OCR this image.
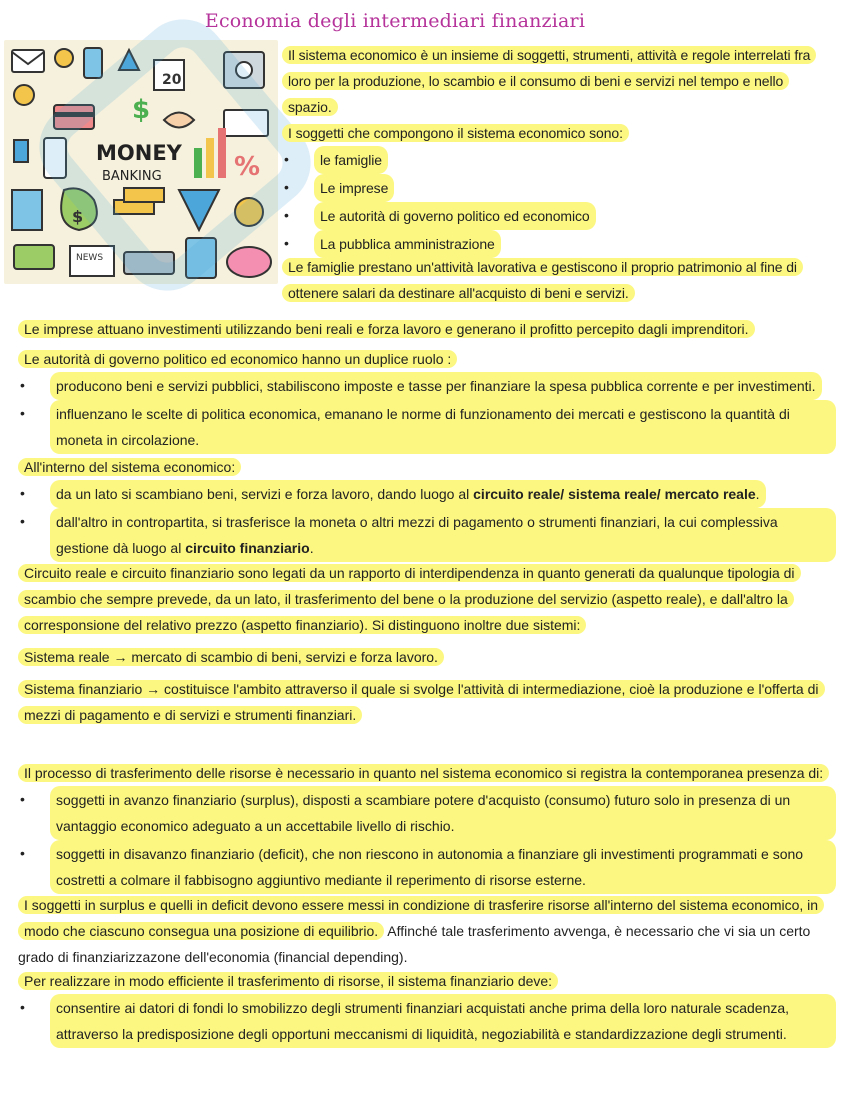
Economia degli intermediari finanziari
20
$
MONEY
BANKING	%
$
NEWS
Il sistema economico è un insieme di soggetti, strumenti, attività e regole interrelati fra loro per la produzione, lo scambio e il consumo di beni e servizi nel tempo e nello spazio.
I soggetti che compongono il sistema economico sono:
•	le famiglie
•	Le imprese
•	Le autorità di governo politico ed economico
•	La pubblica amministrazione
Le famiglie prestano un'attività lavorativa e gestiscono il proprio patrimonio al fine di ottenere salari da destinare all'acquisto di beni e servizi.
Le imprese attuano investimenti utilizzando beni reali e forza lavoro e generano il profitto percepito dagli imprenditori.
Le autorità di governo politico ed economico hanno un duplice ruolo :
•	producono beni e servizi pubblici, stabiliscono imposte e tasse per finanziare la spesa pubblica corrente e per investimenti.
•	influenzano le scelte di politica economica, emanano le norme di funzionamento dei mercati e gestiscono la quantità di moneta in circolazione.
All'interno del sistema economico:
•	da un lato si scambiano beni, servizi e forza lavoro, dando luogo al circuito reale/ sistema reale/ mercato reale.
•	dall'altro in contropartita, si trasferisce la moneta o altri mezzi di pagamento o strumenti finanziari, la cui complessiva gestione dà luogo al circuito finanziario.
Circuito reale e circuito finanziario sono legati da un rapporto di interdipendenza in quanto generati da qualunque tipologia di scambio che sempre prevede, da un lato, il trasferimento del bene o la produzione del servizio (aspetto reale), e dall'altro la corresponsione del relativo prezzo (aspetto finanziario). Si distinguono inoltre due sistemi:
Sistema reale → mercato di scambio di beni, servizi e forza lavoro.
Sistema finanziario → costituisce l'ambito attraverso il quale si svolge l'attività di intermediazione, cioè la produzione e l'offerta di mezzi di pagamento e di servizi e strumenti finanziari.
Il processo di trasferimento delle risorse è necessario in quanto nel sistema economico si registra la contemporanea presenza di:
•	soggetti in avanzo finanziario (surplus), disposti a scambiare potere d'acquisto (consumo) futuro solo in presenza di un vantaggio economico adeguato a un accettabile livello di rischio.
•	soggetti in disavanzo finanziario (deficit), che non riescono in autonomia a finanziare gli investimenti programmati e sono costretti a colmare il fabbisogno aggiuntivo mediante il reperimento di risorse esterne.
I soggetti in surplus e quelli in deficit devono essere messi in condizione di trasferire risorse all'interno del sistema economico, in modo che ciascuno consegua una posizione di equilibrio. Affinché tale trasferimento avvenga, è necessario che vi sia un certo grado di finanziarizzazone dell'economia (financial depending).
Per realizzare in modo efficiente il trasferimento di risorse, il sistema finanziario deve:
•	consentire ai datori di fondi lo smobilizzo degli strumenti finanziari acquistati anche prima della loro naturale scadenza, attraverso la predisposizione degli opportuni meccanismi di liquidità, negoziabilità e standardizzazione degli strumenti.
